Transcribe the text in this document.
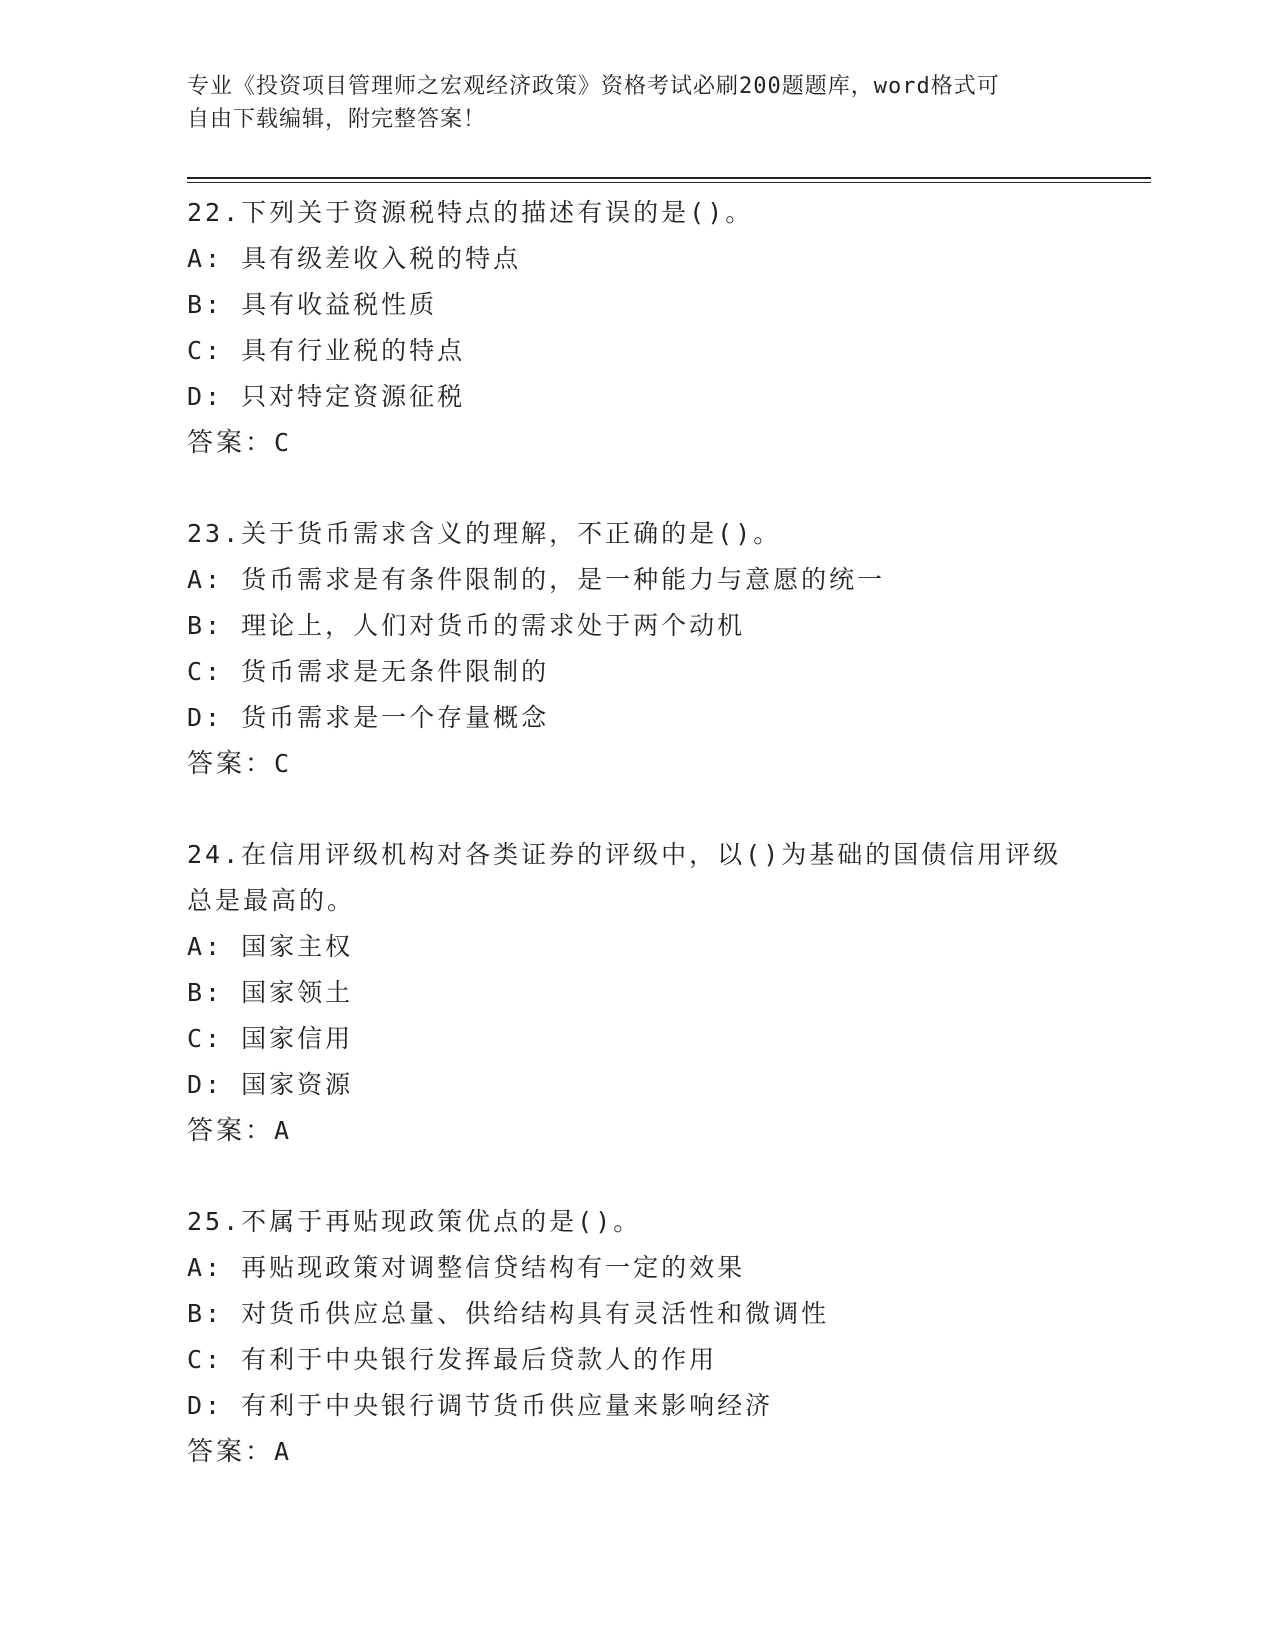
专业《投资项目管理师之宏观经济政策》资格考试必刷200题题库，word格式可
自由下载编辑，附完整答案！
22.下列关于资源税特点的描述有误的是()。
A: 具有级差收入税的特点
B: 具有收益税性质
C: 具有行业税的特点
D: 只对特定资源征税
答案：C
23.关于货币需求含义的理解，不正确的是()。
A: 货币需求是有条件限制的，是一种能力与意愿的统一
B: 理论上，人们对货币的需求处于两个动机
C: 货币需求是无条件限制的
D: 货币需求是一个存量概念
答案：C
24.在信用评级机构对各类证券的评级中，以()为基础的国债信用评级总是最高的。
A: 国家主权
B: 国家领土
C: 国家信用
D: 国家资源
答案：A
25.不属于再贴现政策优点的是()。
A: 再贴现政策对调整信贷结构有一定的效果
B: 对货币供应总量、供给结构具有灵活性和微调性
C: 有利于中央银行发挥最后贷款人的作用
D: 有利于中央银行调节货币供应量来影响经济
答案：A
